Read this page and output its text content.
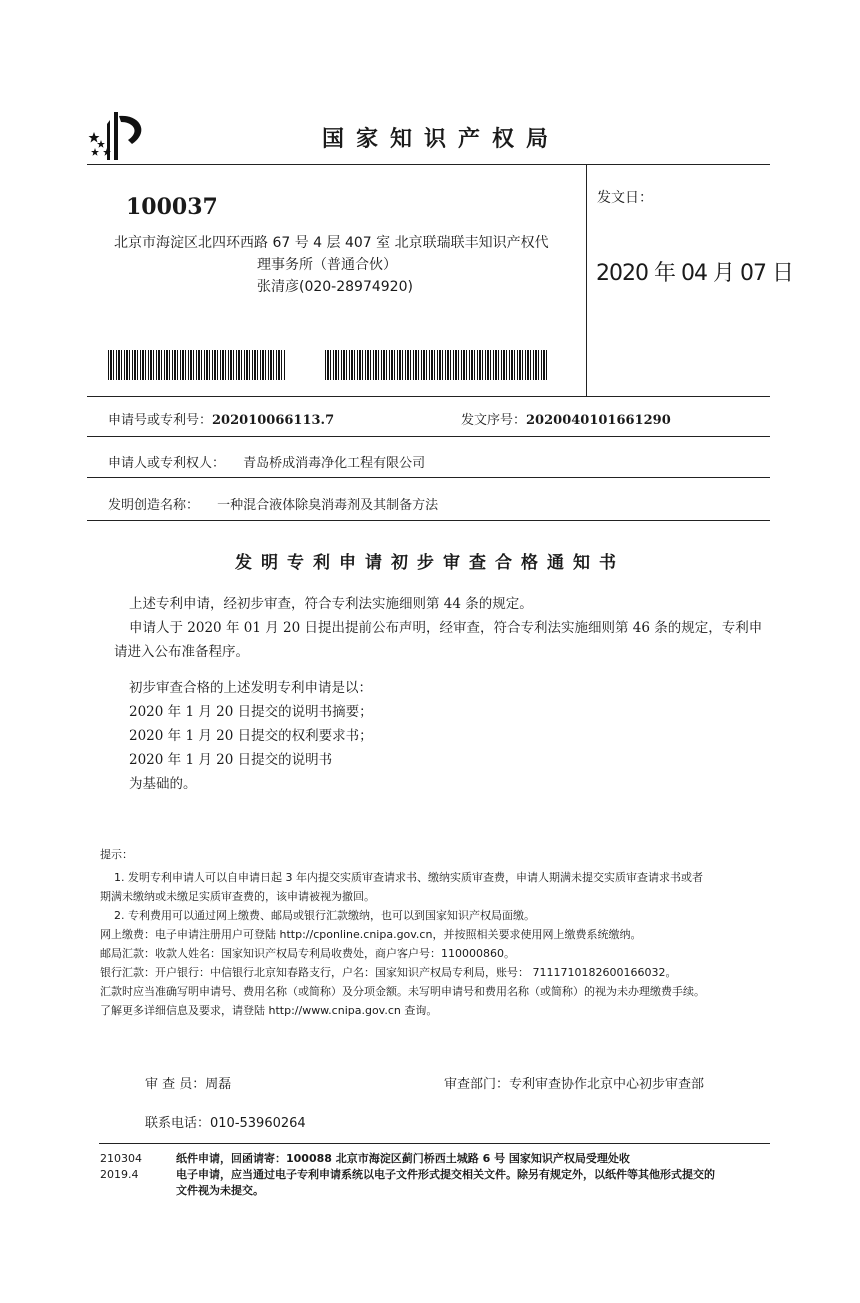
国家知识产权局
100037
北京市海淀区北四环西路 67 号 4 层 407 室 北京联瑞联丰知识产权代
理事务所（普通合伙）
张清彦(020-28974920)
发文日：
2020 年 04 月 07 日
申请号或专利号：202010066113.7	发文序号：2020040101661290
申请人或专利权人： 青岛桥成消毒净化工程有限公司
发明创造名称： 一种混合液体除臭消毒剂及其制备方法
发明专利申请初步审查合格通知书
上述专利申请，经初步审查，符合专利法实施细则第 44 条的规定。
申请人于 2020 年 01 月 20 日提出提前公布声明，经审查，符合专利法实施细则第 46 条的规定，专利申
请进入公布准备程序。
初步审查合格的上述发明专利申请是以：
2020 年 1 月 20 日提交的说明书摘要；
2020 年 1 月 20 日提交的权利要求书；
2020 年 1 月 20 日提交的说明书
为基础的。
提示：
1. 发明专利申请人可以自申请日起 3 年内提交实质审查请求书、缴纳实质审查费，申请人期满未提交实质审查请求书或者
期满未缴纳或未缴足实质审查费的，该申请被视为撤回。
2. 专利费用可以通过网上缴费、邮局或银行汇款缴纳，也可以到国家知识产权局面缴。
网上缴费：电子申请注册用户可登陆 http://cponline.cnipa.gov.cn，并按照相关要求使用网上缴费系统缴纳。
邮局汇款：收款人姓名：国家知识产权局专利局收费处，商户客户号：110000860。
银行汇款：开户银行：中信银行北京知春路支行，户名：国家知识产权局专利局，账号： 7111710182600166032。
汇款时应当准确写明申请号、费用名称（或简称）及分项金额。未写明申请号和费用名称（或简称）的视为未办理缴费手续。
了解更多详细信息及要求，请登陆 http://www.cnipa.gov.cn 查询。
审 查 员：周磊	审查部门：专利审查协作北京中心初步审查部
联系电话：010-53960264
210304
2019.4
纸件申请，回函请寄：100088 北京市海淀区蓟门桥西土城路 6 号 国家知识产权局受理处收
电子申请，应当通过电子专利申请系统以电子文件形式提交相关文件。除另有规定外，以纸件等其他形式提交的
文件视为未提交。
